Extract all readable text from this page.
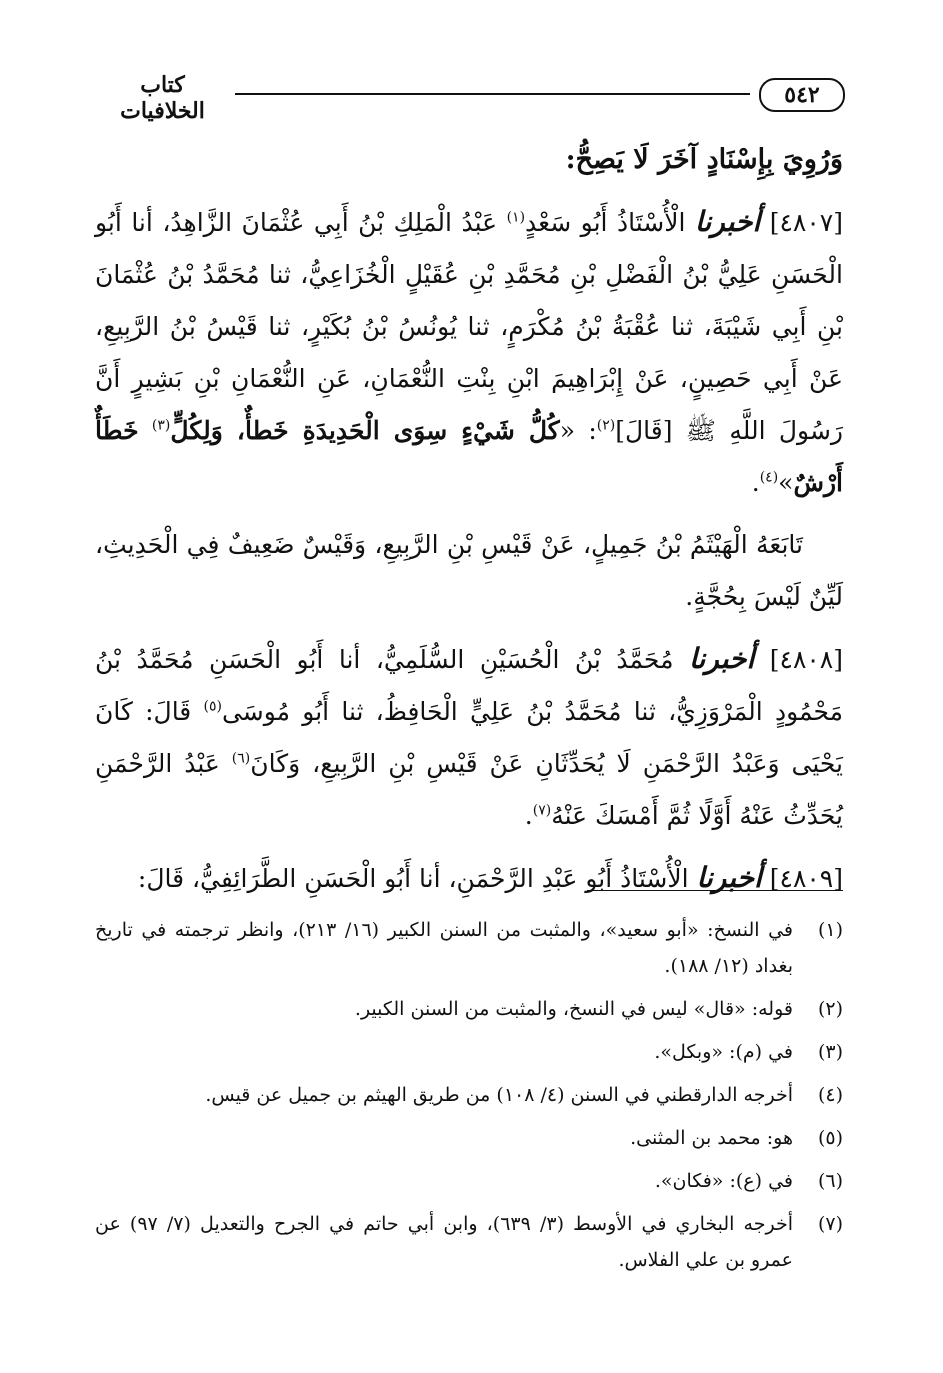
٥٤٢
كتاب الخلافيات

وَرُوِيَ بِإِسْنَادٍ آخَرَ لَا يَصِحُّ:

[٤٨٠٧] أخبرنا الْأُسْتَاذُ أَبُو سَعْدٍ$^{(١)}$ عَبْدُ الْمَلِكِ بْنُ أَبِي عُثْمَانَ الزَّاهِدُ، أنا أَبُو الْحَسَنِ عَلِيُّ بْنُ الْفَضْلِ بْنِ مُحَمَّدِ بْنِ عُقَيْلٍ الْخُزَاعِيُّ، ثنا مُحَمَّدُ بْنُ عُثْمَانَ بْنِ أَبِي شَيْبَةَ، ثنا عُقْبَةُ بْنُ مُكْرَمٍ، ثنا يُونُسُ بْنُ بُكَيْرٍ، ثنا قَيْسُ بْنُ الرَّبِيعِ، عَنْ أَبِي حَصِينٍ، عَنْ إِبْرَاهِيمَ ابْنِ بِنْتِ النُّعْمَانِ، عَنِ النُّعْمَانِ بْنِ بَشِيرٍ أَنَّ رَسُولَ اللَّهِ ﷺ [قَالَ]$^{(٢)}$: «كُلُّ شَيْءٍ سِوَى الْحَدِيدَةِ خَطأٌ، وَلِكُلٍّ$^{(٣)}$ خَطَأٌ أَرْشٌ»$^{(٤)}$.

تَابَعَهُ الْهَيْثَمُ بْنُ جَمِيلٍ، عَنْ قَيْسِ بْنِ الرَّبِيعِ، وَقَيْسٌ ضَعِيفٌ فِي الْحَدِيثِ، لَيِّنٌ لَيْسَ بِحُجَّةٍ.

[٤٨٠٨] أخبرنا مُحَمَّدُ بْنُ الْحُسَيْنِ السُّلَمِيُّ، أنا أَبُو الْحَسَنِ مُحَمَّدُ بْنُ مَحْمُودٍ الْمَرْوَزِيُّ، ثنا مُحَمَّدُ بْنُ عَلِيٍّ الْحَافِظُ، ثنا أَبُو مُوسَى$^{(٥)}$ قَالَ: كَانَ يَحْيَى وَعَبْدُ الرَّحْمَنِ لَا يُحَدِّثَانِ عَنْ قَيْسِ بْنِ الرَّبِيعِ، وَكَانَ$^{(٦)}$ عَبْدُ الرَّحْمَنِ يُحَدِّثُ عَنْهُ أَوَّلًا ثُمَّ أَمْسَكَ عَنْهُ$^{(٧)}$.

[٤٨٠٩] أخبرنا الْأُسْتَاذُ أَبُو عَبْدِ الرَّحْمَنِ، أنا أَبُو الْحَسَنِ الطَّرَائِفِيُّ، قَالَ:

(١)
في النسخ: «أبو سعيد»، والمثبت من السنن الكبير (١٦/ ٢١٣)، وانظر ترجمته في تاريخ بغداد (١٢/ ١٨٨).
(٢)
قوله: «قال» ليس في النسخ، والمثبت من السنن الكبير.
(٣)
في (م): «وبكل».
(٤)
أخرجه الدارقطني في السنن (٤/ ١٠٨) من طريق الهيثم بن جميل عن قيس.
(٥)
هو: محمد بن المثنى.
(٦)
في (ع): «فكان».
(٧)
أخرجه البخاري في الأوسط (٣/ ٦٣٩)، وابن أبي حاتم في الجرح والتعديل (٧/ ٩٧) عن عمرو بن علي الفلاس.
